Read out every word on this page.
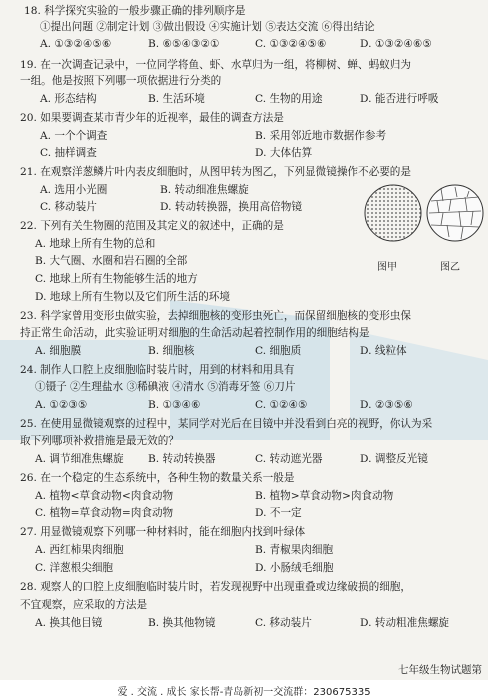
18. 科学探究实验的一般步骤正确的排列顺序是
①提出问题 ②制定计划 ③做出假设 ④实施计划 ⑤表达交流 ⑥得出结论
A. ①③②④⑤⑥	B. ⑥⑤④③②①	C. ①③②④⑤⑥	D. ①③②④⑥⑤
19. 在一次调查记录中，一位同学将鱼、虾、水草归为一组，将柳树、蝉、蚂蚁归为
一组。他是按照下列哪一项依据进行分类的
A. 形态结构	B. 生活环境	C. 生物的用途	D. 能否进行呼吸
20. 如果要调查某市青少年的近视率，最佳的调查方法是
A. 一个个调查	B. 采用邻近地市数据作参考
C. 抽样调查	D. 大体估算
21. 在观察洋葱鳞片叶内表皮细胞时，从图甲转为图乙，下列显微镜操作不必要的是
A. 选用小光圈	B. 转动细准焦螺旋
C. 移动装片	D. 转动转换器，换用高倍物镜
图甲	图乙
22. 下列有关生物圈的范围及其定义的叙述中，正确的是
A. 地球上所有生物的总和
B. 大气圈、水圈和岩石圈的全部
C. 地球上所有生物能够生活的地方
D. 地球上所有生物以及它们所生活的环境
23. 科学家曾用变形虫做实验，去掉细胞核的变形虫死亡，而保留细胞核的变形虫保
持正常生命活动，此实验证明对细胞的生命活动起着控制作用的细胞结构是
A. 细胞膜	B. 细胞核	C. 细胞质	D. 线粒体
24. 制作人口腔上皮细胞临时装片时，用到的材料和用具有
①镊子 ②生理盐水 ③稀碘液 ④清水 ⑤消毒牙签 ⑥刀片
A. ①②③⑤	B. ①③④⑥	C. ①②④⑤	D. ②③⑤⑥
25. 在使用显微镜观察的过程中，某同学对光后在目镜中并没看到白亮的视野，你认为采
取下列哪项补救措施是最无效的？
A. 调节细准焦螺旋 B. 转动转换器	C. 转动遮光器	D. 调整反光镜
26. 在一个稳定的生态系统中，各种生物的数量关系一般是
A. 植物<草食动物<肉食动物	B. 植物>草食动物>肉食动物
C. 植物=草食动物=肉食动物	D. 不一定
27. 用显微镜观察下列哪一种材料时，能在细胞内找到叶绿体
A. 西红柿果肉细胞	B. 青椒果肉细胞
C. 洋葱根尖细胞	D. 小肠绒毛细胞
28. 观察人的口腔上皮细胞临时装片时，若发现视野中出现重叠或边缘破损的细胞，
不宜观察，应采取的方法是
A. 换其他目镜	B. 换其他物镜	C. 移动装片	D. 转动粗准焦螺旋
七年级生物试题第
爱 . 交流 . 成长 家长帮-青岛新初一交流群：230675335
